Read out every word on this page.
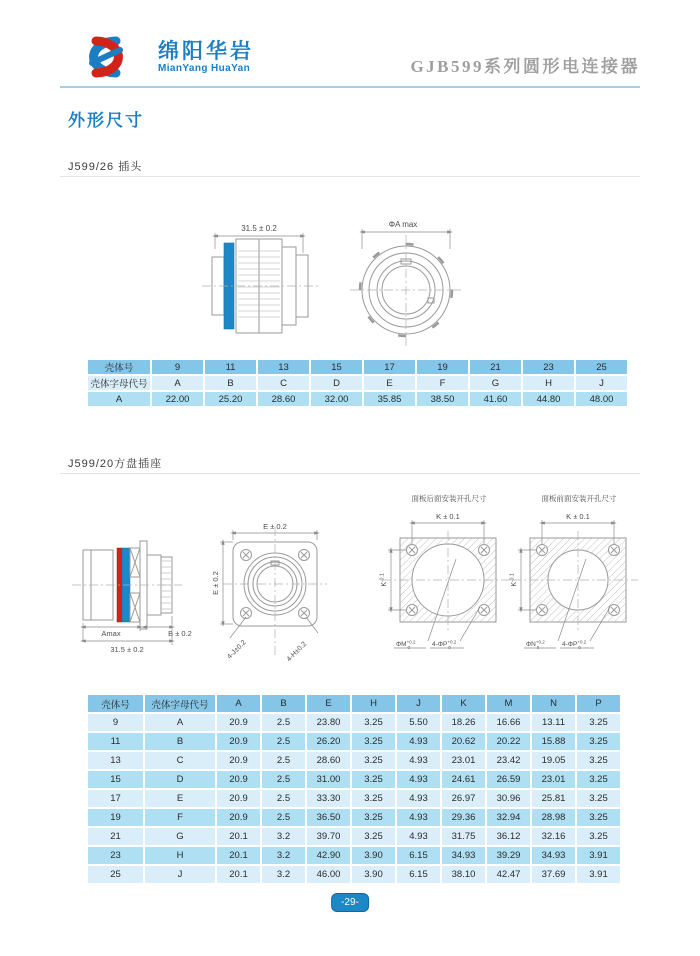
绵阳华岩
MianYang HuaYan	GJB599系列圆形电连接器
外形尺寸
J599/26 插头
31.5 ± 0.2	ΦA max
壳体号	9	11	13	15	17	19	21	23	25
壳体字母代号	A	B	C	D	E	F	G	H	J
A	22.00	25.20	28.60	32.00	35.85	38.50	41.60	44.80	48.00
J599/20方盘插座
Amax	B ± 0.2
31.5 ± 0.2
E ± 0.2
E ± 0.2
4-J±0.2	4-H±0.2
面板后面安装开孔尺寸
K ± 0.1
$K^{-0.1}$
$\Phi M^{+0.2}$ 0	$4-\Phi P^{+0.2}$ 0
面板前面安装开孔尺寸
K ± 0.1
$K^{-0.1}$
$\Phi N^{+0.2}$ 0	$4-\Phi P^{+0.2}$ 0
壳体号	壳体字母代号	A	B	E	H	J	K	M	N	P
9	A	20.9	2.5	23.80	3.25	5.50	18.26	16.66	13.11	3.25
11	B	20.9	2.5	26.20	3.25	4.93	20.62	20.22	15.88	3.25
13	C	20.9	2.5	28.60	3.25	4.93	23.01	23.42	19.05	3.25
15	D	20.9	2.5	31.00	3.25	4.93	24.61	26.59	23.01	3.25
17	E	20.9	2.5	33.30	3.25	4.93	26.97	30.96	25.81	3.25
19	F	20.9	2.5	36.50	3.25	4.93	29.36	32.94	28.98	3.25
21	G	20.1	3.2	39.70	3.25	4.93	31.75	36.12	32.16	3.25
23	H	20.1	3.2	42.90	3.90	6.15	34.93	39.29	34.93	3.91
25	J	20.1	3.2	46.00	3.90	6.15	38.10	42.47	37.69	3.91
-29-
